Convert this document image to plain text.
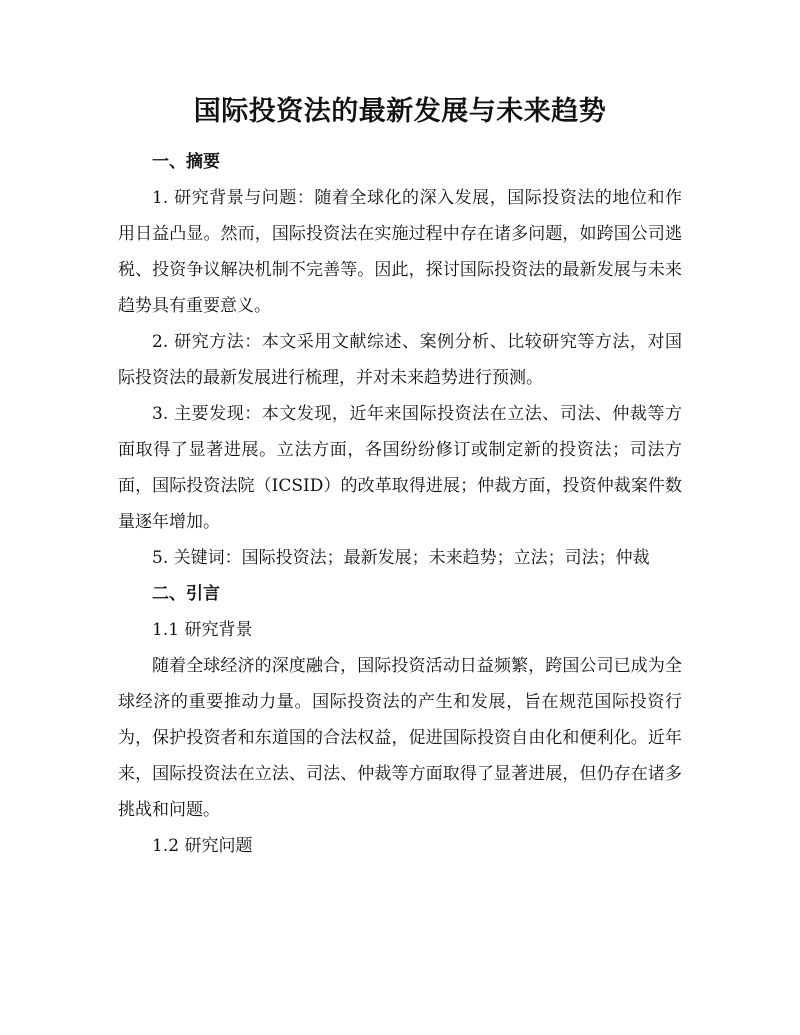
国际投资法的最新发展与未来趋势

一、摘要

1. 研究背景与问题：随着全球化的深入发展，国际投资法的地位和作用日益凸显。然而，国际投资法在实施过程中存在诸多问题，如跨国公司逃税、投资争议解决机制不完善等。因此，探讨国际投资法的最新发展与未来趋势具有重要意义。

2. 研究方法：本文采用文献综述、案例分析、比较研究等方法，对国际投资法的最新发展进行梳理，并对未来趋势进行预测。

3. 主要发现：本文发现，近年来国际投资法在立法、司法、仲裁等方面取得了显著进展。立法方面，各国纷纷修订或制定新的投资法；司法方面，国际投资法院（ICSID）的改革取得进展；仲裁方面，投资仲裁案件数量逐年增加。

5. 关键词：国际投资法；最新发展；未来趋势；立法；司法；仲裁

二、引言

1.1 研究背景

随着全球经济的深度融合，国际投资活动日益频繁，跨国公司已成为全球经济的重要推动力量。国际投资法的产生和发展，旨在规范国际投资行为，保护投资者和东道国的合法权益，促进国际投资自由化和便利化。近年来，国际投资法在立法、司法、仲裁等方面取得了显著进展，但仍存在诸多挑战和问题。

1.2 研究问题
